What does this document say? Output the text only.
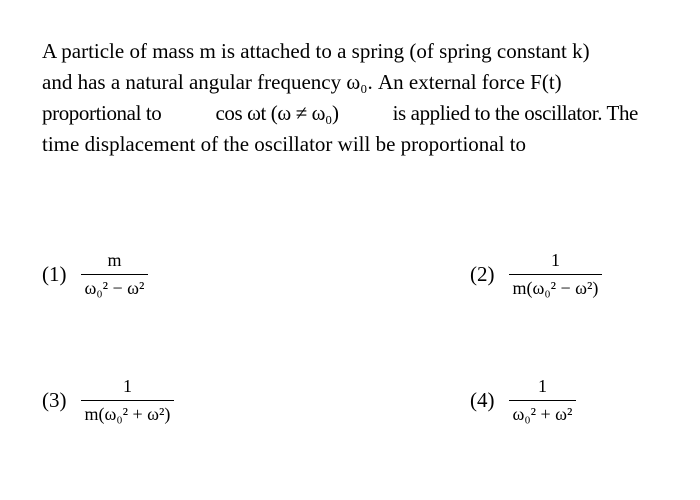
A particle of mass m is attached to a spring (of spring constant k)
and has a natural angular frequency ω₀. An external force F(t)
proportional to	cos ωt (ω ≠ ω₀)	is applied to the oscillator. The
time displacement of the oscillator will be proportional to
$(1) \frac{m}{\text{ω₀² − ω²}}$	$(2) \frac{1}{\text{m(ω₀² − ω²)}}$
$(3) \frac{1}{\text{m(ω₀² + ω²)}}$	$(4) \frac{1}{\text{ω₀² + ω²}}$
